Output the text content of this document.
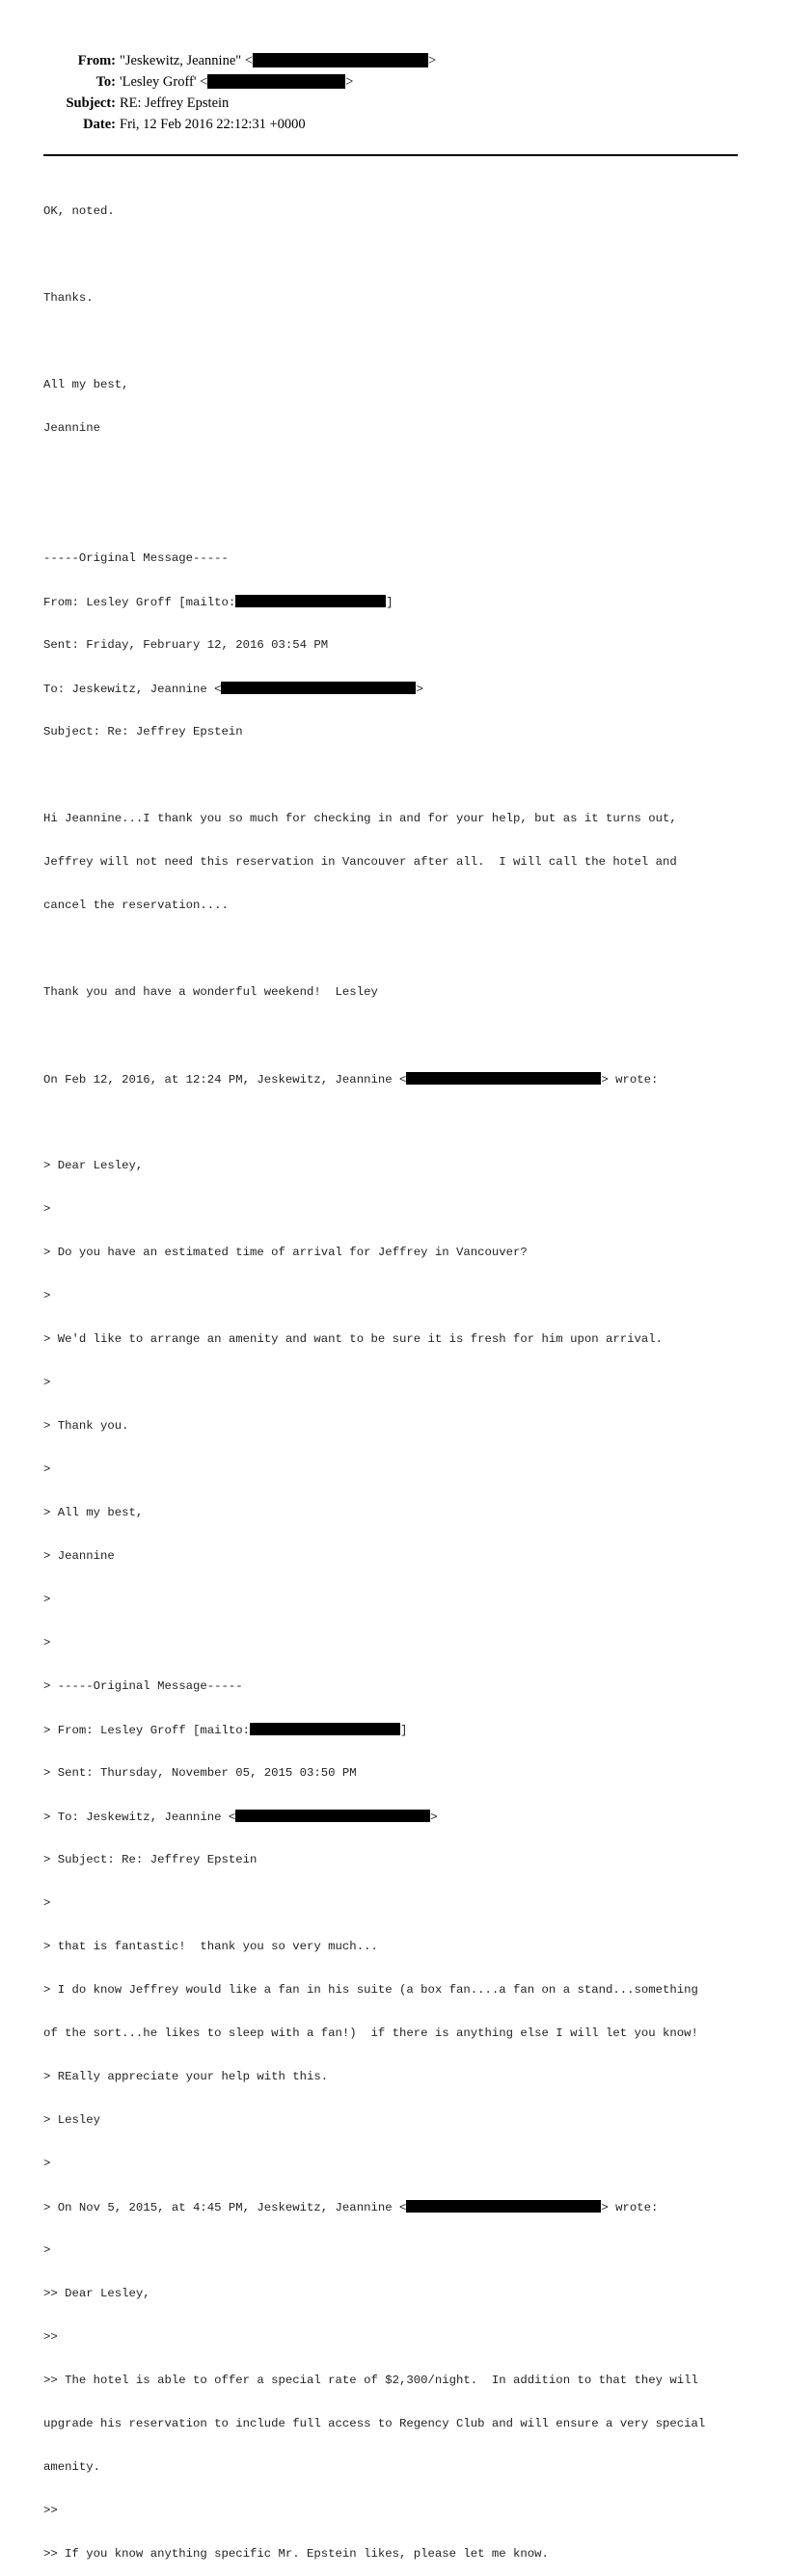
From: "Jeskewitz, Jeannine" <	>
To: 'Lesley Groff' <	>
Subject: RE: Jeffrey Epstein
Date: Fri, 12 Feb 2016 22:12:31 +0000

OK, noted.

Thanks.

All my best,

Jeannine

-----Original Message-----

From: Lesley Groff [mailto:	]

Sent: Friday, February 12, 2016 03:54 PM

To: Jeskewitz, Jeannine <	>

Subject: Re: Jeffrey Epstein

Hi Jeannine...I thank you so much for checking in and for your help, but as it turns out,

Jeffrey will not need this reservation in Vancouver after all.  I will call the hotel and

cancel the reservation....

Thank you and have a wonderful weekend!  Lesley

On Feb 12, 2016, at 12:24 PM, Jeskewitz, Jeannine <	> wrote:

> Dear Lesley,

>

> Do you have an estimated time of arrival for Jeffrey in Vancouver?

>

> We'd like to arrange an amenity and want to be sure it is fresh for him upon arrival.

>

> Thank you.

>

> All my best,

> Jeannine

>

>

> -----Original Message-----

> From: Lesley Groff [mailto:	]

> Sent: Thursday, November 05, 2015 03:50 PM

> To: Jeskewitz, Jeannine <	>

> Subject: Re: Jeffrey Epstein

>

> that is fantastic!  thank you so very much...

> I do know Jeffrey would like a fan in his suite (a box fan....a fan on a stand...something

of the sort...he likes to sleep with a fan!)  if there is anything else I will let you know!

> REally appreciate your help with this.

> Lesley

>

> On Nov 5, 2015, at 4:45 PM, Jeskewitz, Jeannine <	> wrote:

>

>> Dear Lesley,

>>

>> The hotel is able to offer a special rate of $2,300/night.  In addition to that they will

upgrade his reservation to include full access to Regency Club and will ensure a very special

amenity.

>>

>> If you know anything specific Mr. Epstein likes, please let me know.
